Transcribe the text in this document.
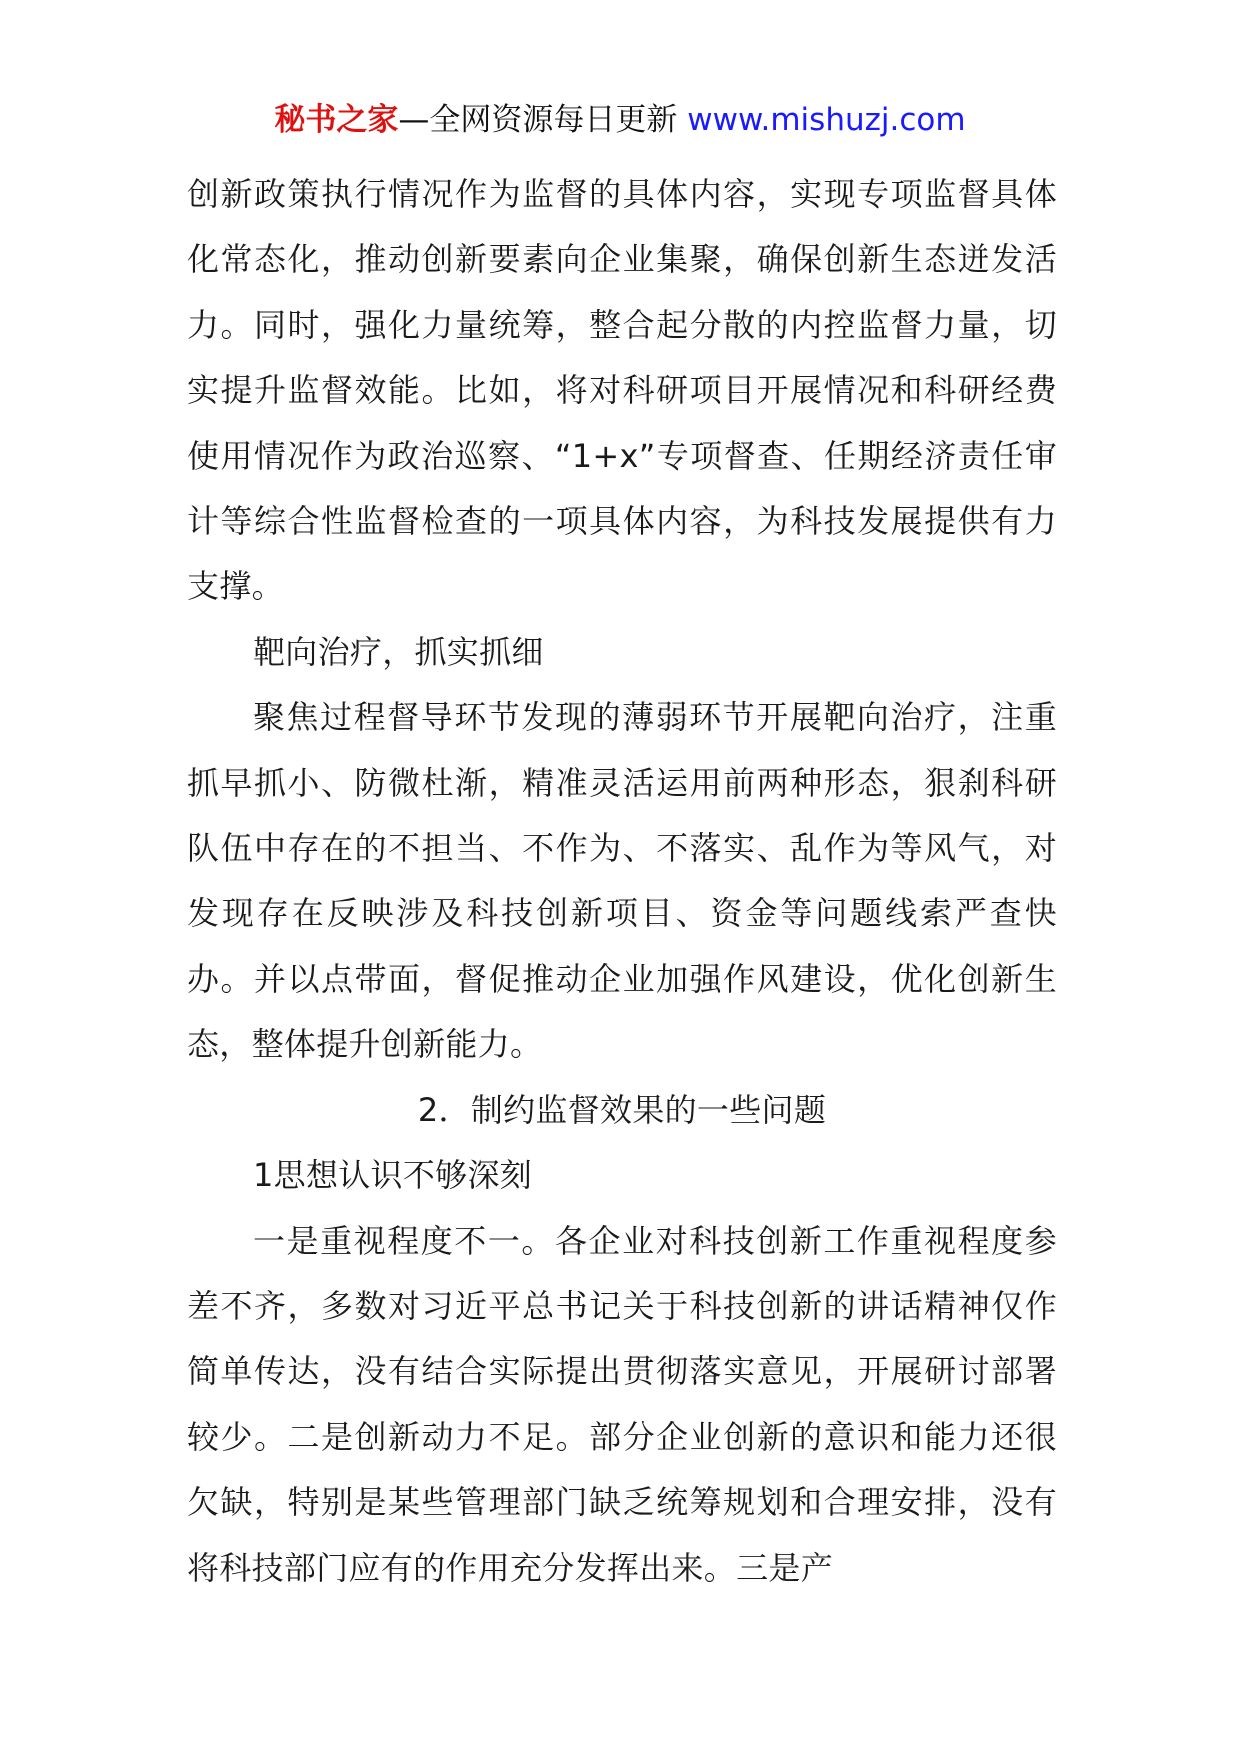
秘书之家—全网资源每日更新 www.mishuzj.com

创新政策执行情况作为监督的具体内容，实现专项监督具体化常态化，推动创新要素向企业集聚，确保创新生态迸发活力。同时，强化力量统筹，整合起分散的内控监督力量，切实提升监督效能。比如，将对科研项目开展情况和科研经费使用情况作为政治巡察、“1+x”专项督查、任期经济责任审计等综合性监督检查的一项具体内容，为科技发展提供有力支撑。

靶向治疗，抓实抓细

聚焦过程督导环节发现的薄弱环节开展靶向治疗，注重抓早抓小、防微杜渐，精准灵活运用前两种形态，狠刹科研队伍中存在的不担当、不作为、不落实、乱作为等风气，对发现存在反映涉及科技创新项目、资金等问题线索严查快办。并以点带面，督促推动企业加强作风建设，优化创新生态，整体提升创新能力。

2．制约监督效果的一些问题

1思想认识不够深刻

一是重视程度不一。各企业对科技创新工作重视程度参差不齐，多数对习近平总书记关于科技创新的讲话精神仅作简单传达，没有结合实际提出贯彻落实意见，开展研讨部署较少。二是创新动力不足。部分企业创新的意识和能力还很欠缺，特别是某些管理部门缺乏统筹规划和合理安排，没有将科技部门应有的作用充分发挥出来。三是产
